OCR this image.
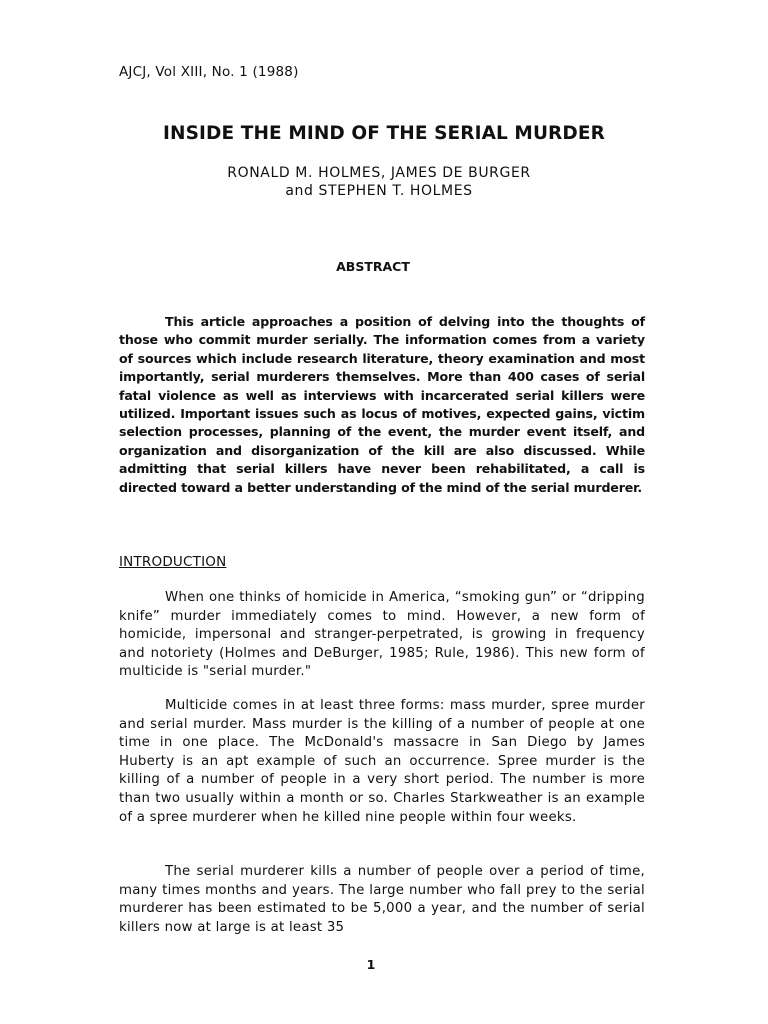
AJCJ, Vol XIII, No. 1 (1988)
INSIDE THE MIND OF THE SERIAL MURDER
RONALD M. HOLMES, JAMES DE BURGER
and STEPHEN T. HOLMES
ABSTRACT

This article approaches a position of delving into the thoughts of those who commit murder serially. The information comes from a variety of sources which include research literature, theory examination and most importantly, serial murderers themselves. More than 400 cases of serial fatal violence as well as interviews with incarcerated serial killers were utilized. Important issues such as locus of motives, expected gains, victim selection processes, planning of the event, the murder event itself, and organization and disorganization of the kill are also discussed. While admitting that serial killers have never been rehabilitated, a call is directed toward a better understanding of the mind of the serial murderer.

INTRODUCTION

When one thinks of homicide in America, “smoking gun” or “dripping knife” murder immediately comes to mind. However, a new form of homicide, impersonal and stranger-perpetrated, is growing in frequency and notoriety (Holmes and DeBurger, 1985; Rule, 1986). This new form of multicide is "serial murder."

Multicide comes in at least three forms: mass murder, spree murder and serial murder. Mass murder is the killing of a number of people at one time in one place. The McDonald's massacre in San Diego by James Huberty is an apt example of such an occurrence. Spree murder is the killing of a number of people in a very short period. The number is more than two usually within a month or so. Charles Starkweather is an example of a spree murderer when he killed nine people within four weeks.

The serial murderer kills a number of people over a period of time, many times months and years. The large number who fall prey to the serial murderer has been estimated to be 5,000 a year, and the number of serial killers now at large is at least 35

1
